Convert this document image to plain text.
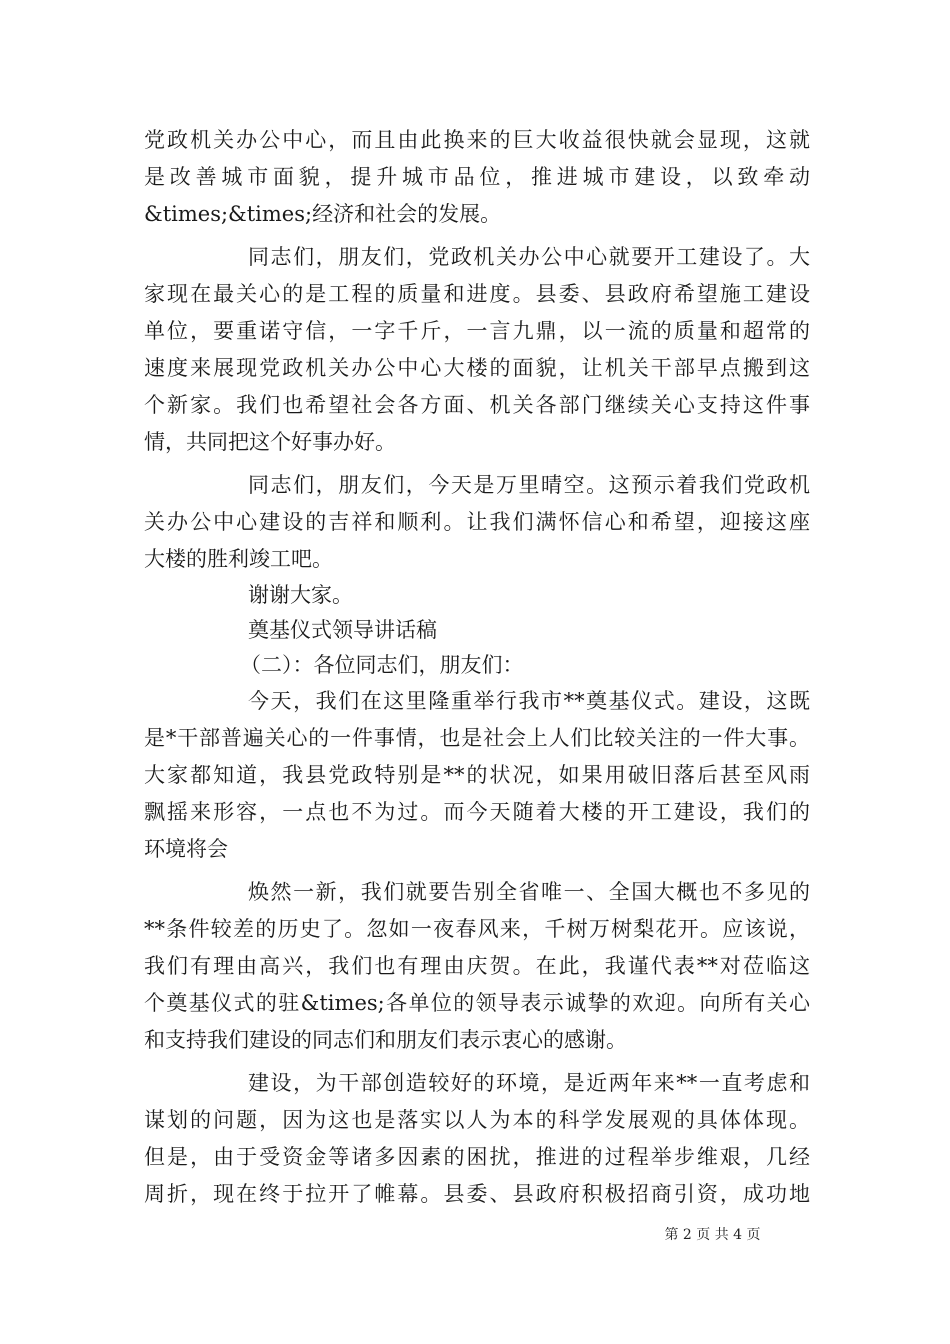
党政机关办公中心，而且由此换来的巨大收益很快就会显现，这就
是改善城市面貌，提升城市品位，推进城市建设，以致牵动
&times;&times;经济和社会的发展。
同志们，朋友们，党政机关办公中心就要开工建设了。大
家现在最关心的是工程的质量和进度。县委、县政府希望施工建设
单位，要重诺守信，一字千斤，一言九鼎，以一流的质量和超常的
速度来展现党政机关办公中心大楼的面貌，让机关干部早点搬到这
个新家。我们也希望社会各方面、机关各部门继续关心支持这件事
情，共同把这个好事办好。
同志们，朋友们，今天是万里晴空。这预示着我们党政机
关办公中心建设的吉祥和顺利。让我们满怀信心和希望，迎接这座
大楼的胜利竣工吧。
谢谢大家。
奠基仪式领导讲话稿
（二）：各位同志们，朋友们：
今天，我们在这里隆重举行我市**奠基仪式。建设，这既
是*干部普遍关心的一件事情，也是社会上人们比较关注的一件大事。
大家都知道，我县党政特别是**的状况，如果用破旧落后甚至风雨
飘摇来形容，一点也不为过。而今天随着大楼的开工建设，我们的
环境将会
焕然一新，我们就要告别全省唯一、全国大概也不多见的
**条件较差的历史了。忽如一夜春风来，千树万树梨花开。应该说，
我们有理由高兴，我们也有理由庆贺。在此，我谨代表**对莅临这
个奠基仪式的驻&times;各单位的领导表示诚挚的欢迎。向所有关心
和支持我们建设的同志们和朋友们表示衷心的感谢。
建设，为干部创造较好的环境，是近两年来**一直考虑和
谋划的问题，因为这也是落实以人为本的科学发展观的具体体现。
但是，由于受资金等诸多因素的困扰，推进的过程举步维艰，几经
周折，现在终于拉开了帷幕。县委、县政府积极招商引资，成功地
第 2 页 共 4 页
